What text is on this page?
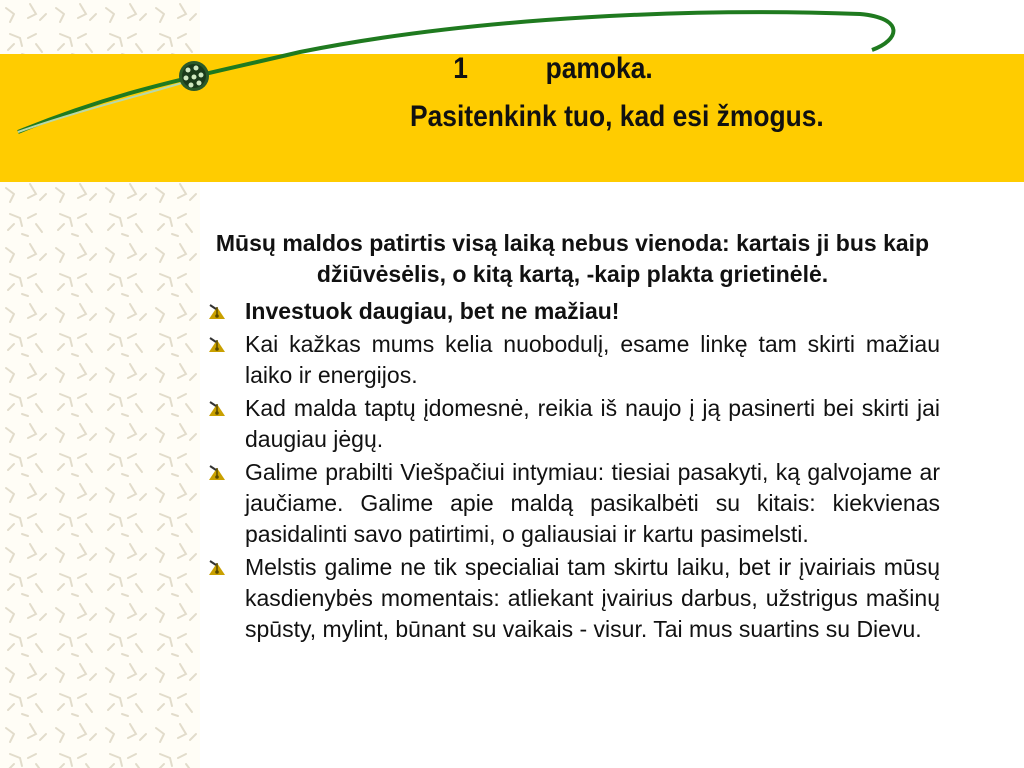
1	pamoka.
Pasitenkink tuo, kad esi žmogus.

Mūsų maldos patirtis visą laiką nebus vienoda: kartais ji bus kaip džiūvėsėlis, o kitą kartą, -kaip plakta grietinėlė.

Investuok daugiau, bet ne mažiau!
Kai kažkas mums kelia nuobodulį, esame linkę tam skirti mažiau laiko ir energijos.
Kad malda taptų įdomesnė, reikia iš naujo į ją pasinerti bei skirti jai daugiau jėgų.
Galime prabilti Viešpačiui intymiau: tiesiai pasakyti, ką galvojame ar jaučiame. Galime apie maldą pasikalbėti su kitais: kiekvienas pasidalinti savo patirtimi, o galiausiai ir kartu pasimelsti.
Melstis galime ne tik specialiai tam skirtu laiku, bet ir įvairiais mūsų kasdienybės momentais: atliekant įvairius darbus, užstrigus mašinų spūsty, mylint, būnant su vaikais - visur. Tai mus suartins su Dievu.
